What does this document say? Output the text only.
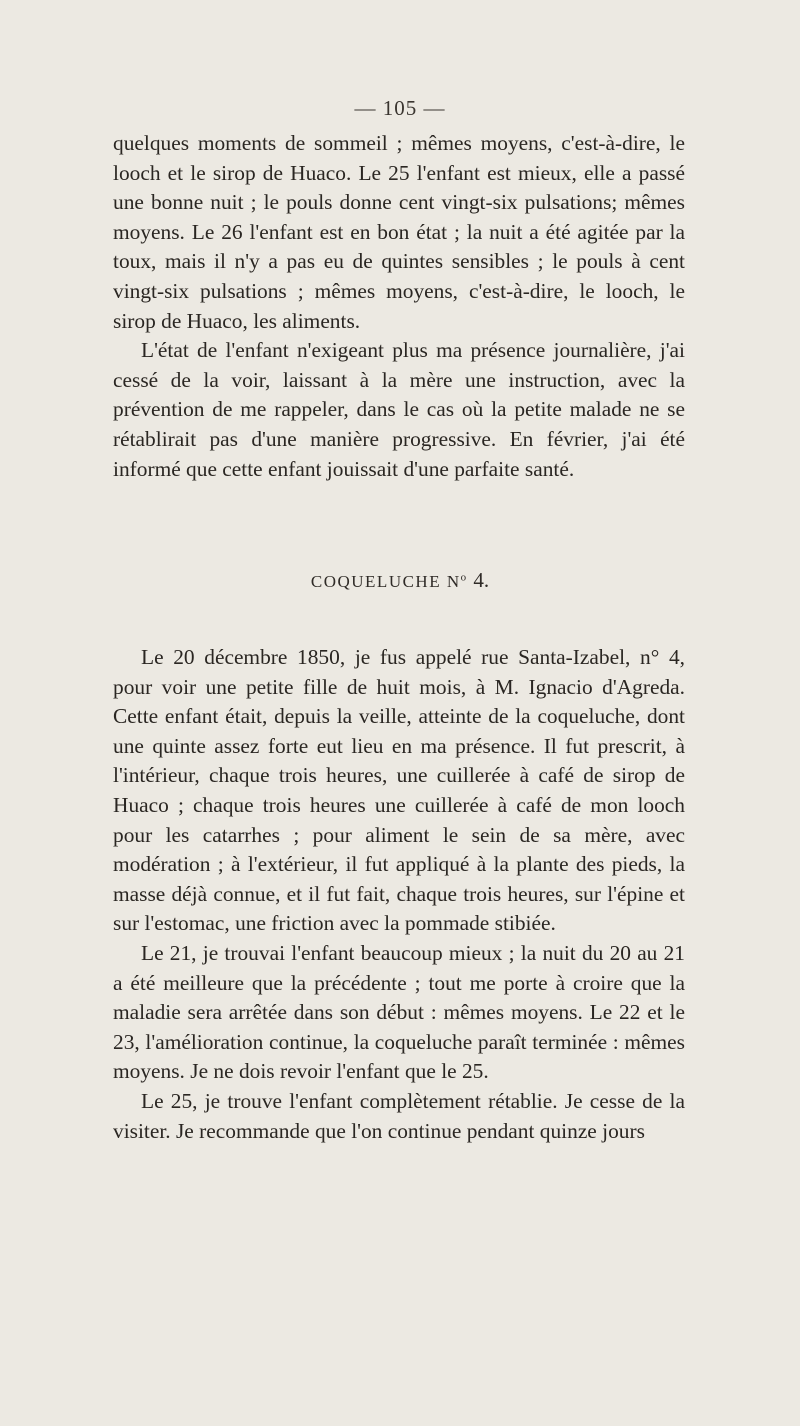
— 105 —

quelques moments de sommeil ; mêmes moyens, c'est-à-dire, le looch et le sirop de Huaco. Le 25 l'enfant est mieux, elle a passé une bonne nuit ; le pouls donne cent vingt-six pulsations; mêmes moyens. Le 26 l'enfant est en bon état ; la nuit a été agitée par la toux, mais il n'y a pas eu de quintes sensibles ; le pouls à cent vingt-six pulsations ; mêmes moyens, c'est-à-dire, le looch, le sirop de Huaco, les aliments.

L'état de l'enfant n'exigeant plus ma présence journalière, j'ai cessé de la voir, laissant à la mère une instruction, avec la prévention de me rappeler, dans le cas où la petite malade ne se rétablirait pas d'une manière progressive. En février, j'ai été informé que cette enfant jouissait d'une parfaite santé.

COQUELUCHE $N^o$ 4.

Le 20 décembre 1850, je fus appelé rue Santa-Izabel, n° 4, pour voir une petite fille de huit mois, à M. Ignacio d'Agreda. Cette enfant était, depuis la veille, atteinte de la coqueluche, dont une quinte assez forte eut lieu en ma présence. Il fut prescrit, à l'intérieur, chaque trois heures, une cuillerée à café de sirop de Huaco ; chaque trois heures une cuillerée à café de mon looch pour les catarrhes ; pour aliment le sein de sa mère, avec modération ; à l'extérieur, il fut appliqué à la plante des pieds, la masse déjà connue, et il fut fait, chaque trois heures, sur l'épine et sur l'estomac, une friction avec la pommade stibiée.

Le 21, je trouvai l'enfant beaucoup mieux ; la nuit du 20 au 21 a été meilleure que la précédente ; tout me porte à croire que la maladie sera arrêtée dans son début : mêmes moyens. Le 22 et le 23, l'amélioration continue, la coqueluche paraît terminée : mêmes moyens. Je ne dois revoir l'enfant que le 25.

Le 25, je trouve l'enfant complètement rétablie. Je cesse de la visiter. Je recommande que l'on continue pendant quinze jours
